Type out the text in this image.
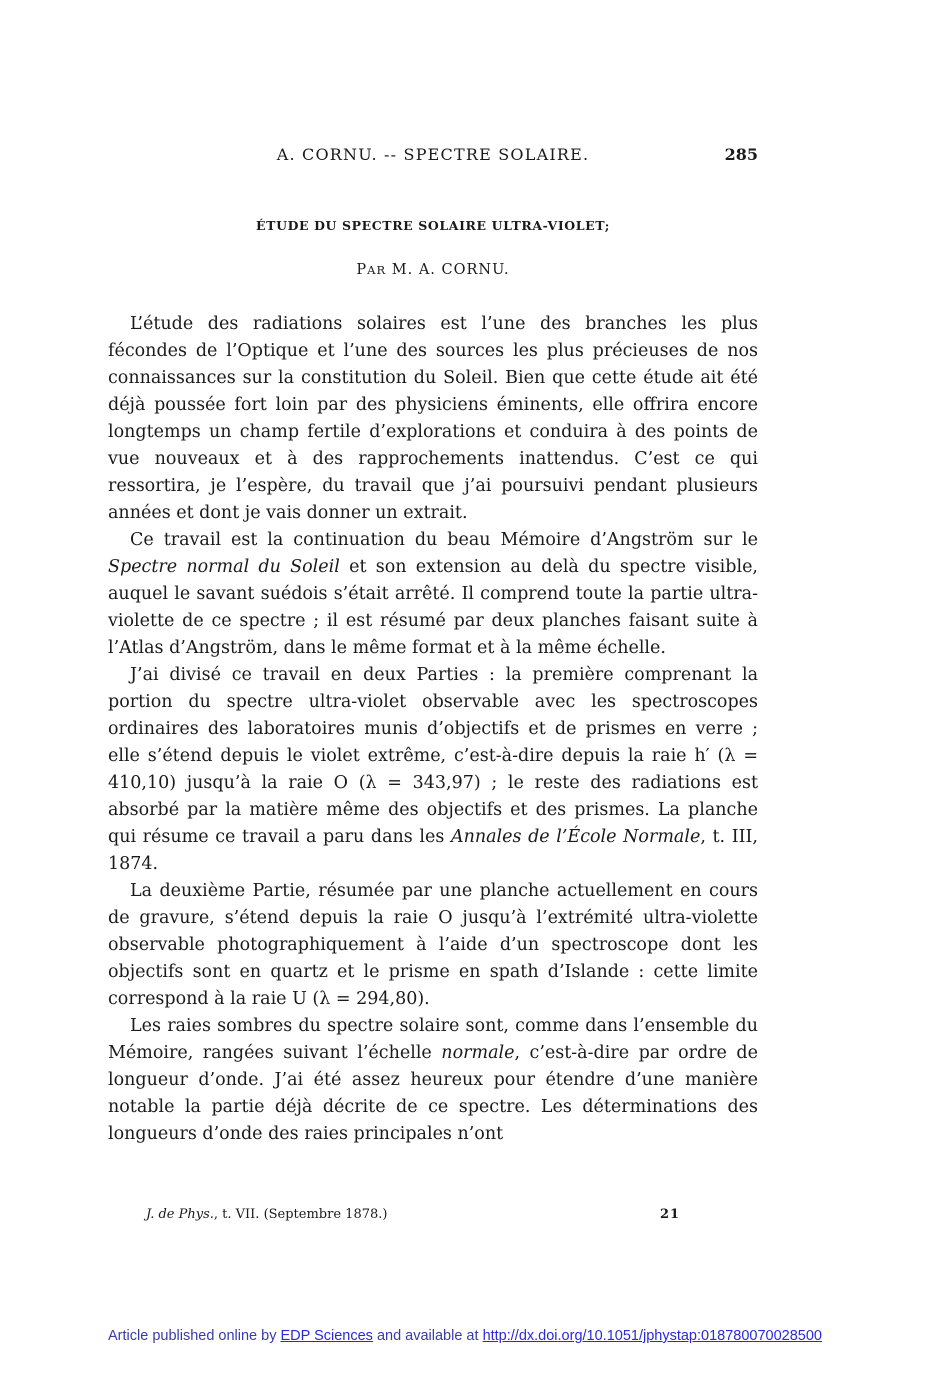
A. CORNU. -- SPECTRE SOLAIRE.	285
ÉTUDE DU SPECTRE SOLAIRE ULTRA-VIOLET;
PAR M. A. CORNU.

L’étude des radiations solaires est l’une des branches les plus fécondes de l’Optique et l’une des sources les plus précieuses de nos connaissances sur la constitution du Soleil. Bien que cette étude ait été déjà poussée fort loin par des physiciens éminents, elle offrira encore longtemps un champ fertile d’explorations et conduira à des points de vue nouveaux et à des rapprochements inattendus. C’est ce qui ressortira, je l’espère, du travail que j’ai poursuivi pendant plusieurs années et dont je vais donner un extrait.

Ce travail est la continuation du beau Mémoire d’Angström sur le Spectre normal du Soleil et son extension au delà du spectre visible, auquel le savant suédois s’était arrêté. Il comprend toute la partie ultra-violette de ce spectre ; il est résumé par deux planches faisant suite à l’Atlas d’Angström, dans le même format et à la même échelle.

J’ai divisé ce travail en deux Parties : la première comprenant la portion du spectre ultra-violet observable avec les spectroscopes ordinaires des laboratoires munis d’objectifs et de prismes en verre ; elle s’étend depuis le violet extrême, c’est-à-dire depuis la raie h′ (λ = 410,10) jusqu’à la raie O (λ = 343,97) ; le reste des radiations est absorbé par la matière même des objectifs et des prismes. La planche qui résume ce travail a paru dans les Annales de l’École Normale, t. III, 1874.

La deuxième Partie, résumée par une planche actuellement en cours de gravure, s’étend depuis la raie O jusqu’à l’extrémité ultra-violette observable photographiquement à l’aide d’un spectroscope dont les objectifs sont en quartz et le prisme en spath d’Islande : cette limite correspond à la raie U (λ = 294,80).

Les raies sombres du spectre solaire sont, comme dans l’ensemble du Mémoire, rangées suivant l’échelle normale, c’est-à-dire par ordre de longueur d’onde. J’ai été assez heureux pour étendre d’une manière notable la partie déjà décrite de ce spectre. Les déterminations des longueurs d’onde des raies principales n’ont

J. de Phys., t. VII. (Septembre 1878.)	21
Article published online by EDP Sciences and available at http://dx.doi.org/10.1051/jphystap:018780070028500
